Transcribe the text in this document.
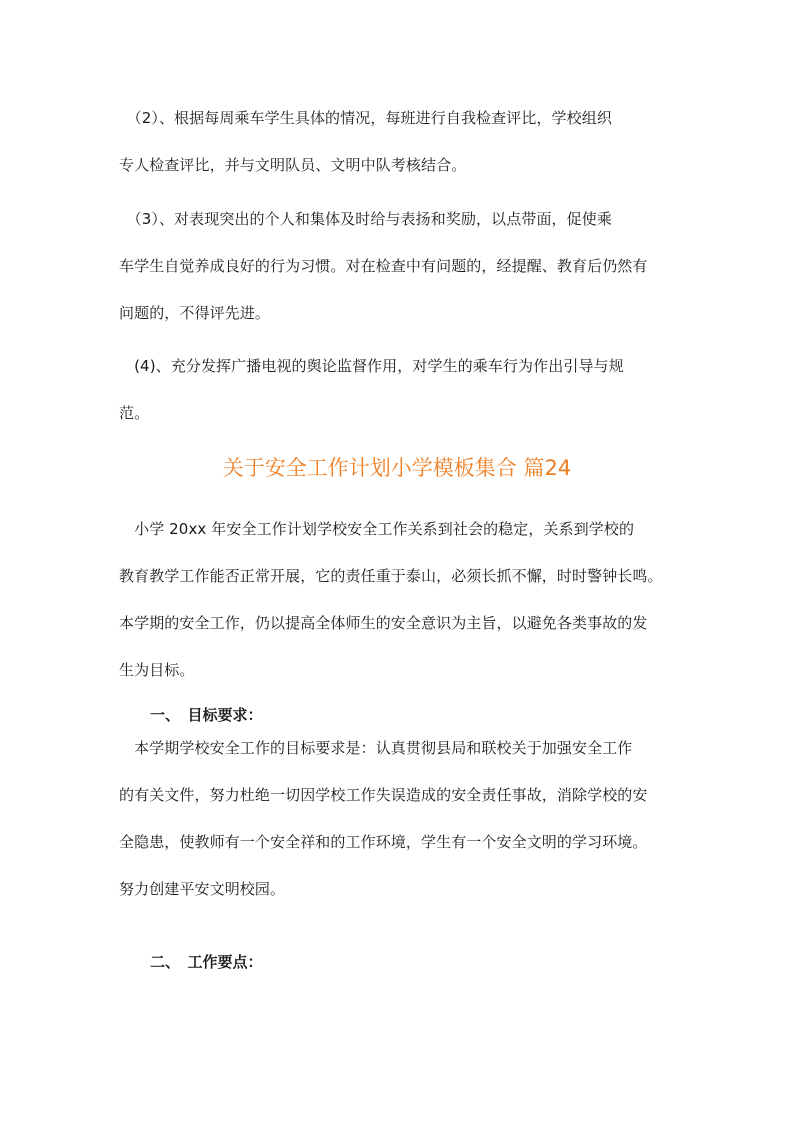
　（2）、根据每周乘车学生具体的情况，每班进行自我检查评比，学校组织
专人检查评比，并与文明队员、文明中队考核结合。

　（3）、对表现突出的个人和集体及时给与表扬和奖励，以点带面，促使乘
车学生自觉养成良好的行为习惯。对在检查中有问题的，经提醒、教育后仍然有
问题的，不得评先进。

　(4)、充分发挥广播电视的舆论监督作用，对学生的乘车行为作出引导与规
范。

关于安全工作计划小学模板集合 篇24

　小学 20xx 年安全工作计划学校安全工作关系到社会的稳定，关系到学校的
教育教学工作能否正常开展，它的责任重于泰山，必须长抓不懈，时时警钟长鸣。
本学期的安全工作，仍以提高全体师生的安全意识为主旨，以避免各类事故的发
生为目标。

一、　目标要求：

　本学期学校安全工作的目标要求是：认真贯彻县局和联校关于加强安全工作
的有关文件，努力杜绝一切因学校工作失误造成的安全责任事故，消除学校的安
全隐患，使教师有一个安全祥和的工作环境，学生有一个安全文明的学习环境。
努力创建平安文明校园。

二、　工作要点：
